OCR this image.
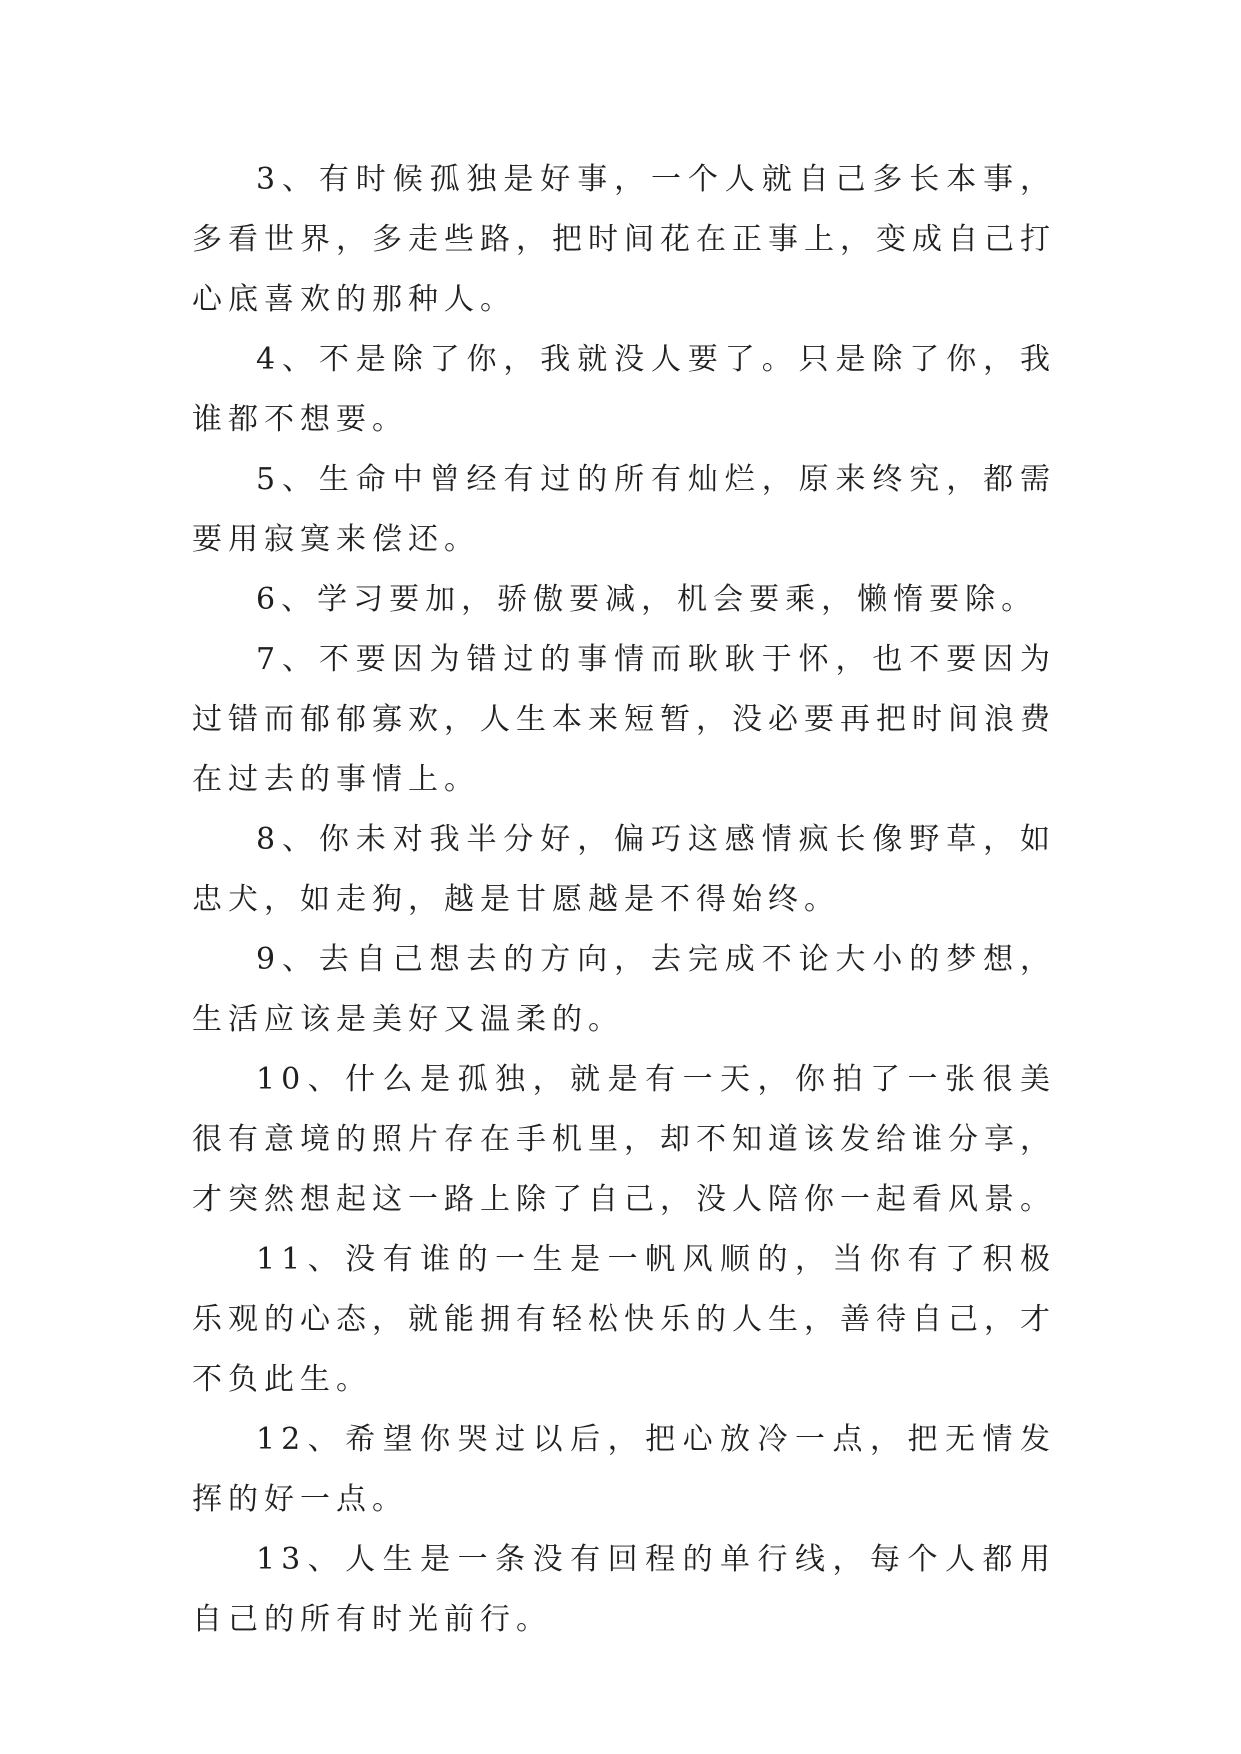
3、有时候孤独是好事，一个人就自己多长本事，多看世界，多走些路，把时间花在正事上，变成自己打心底喜欢的那种人。

4、不是除了你，我就没人要了。只是除了你，我谁都不想要。

5、生命中曾经有过的所有灿烂，原来终究，都需要用寂寞来偿还。

6、学习要加，骄傲要减，机会要乘，懒惰要除。

7、不要因为错过的事情而耿耿于怀，也不要因为过错而郁郁寡欢，人生本来短暂，没必要再把时间浪费在过去的事情上。

8、你未对我半分好，偏巧这感情疯长像野草，如忠犬，如走狗，越是甘愿越是不得始终。

9、去自己想去的方向，去完成不论大小的梦想，生活应该是美好又温柔的。

10、什么是孤独，就是有一天，你拍了一张很美很有意境的照片存在手机里，却不知道该发给谁分享，才突然想起这一路上除了自己，没人陪你一起看风景。

11、没有谁的一生是一帆风顺的，当你有了积极乐观的心态，就能拥有轻松快乐的人生，善待自己，才不负此生。

12、希望你哭过以后，把心放冷一点，把无情发挥的好一点。

13、人生是一条没有回程的单行线，每个人都用自己的所有时光前行。
